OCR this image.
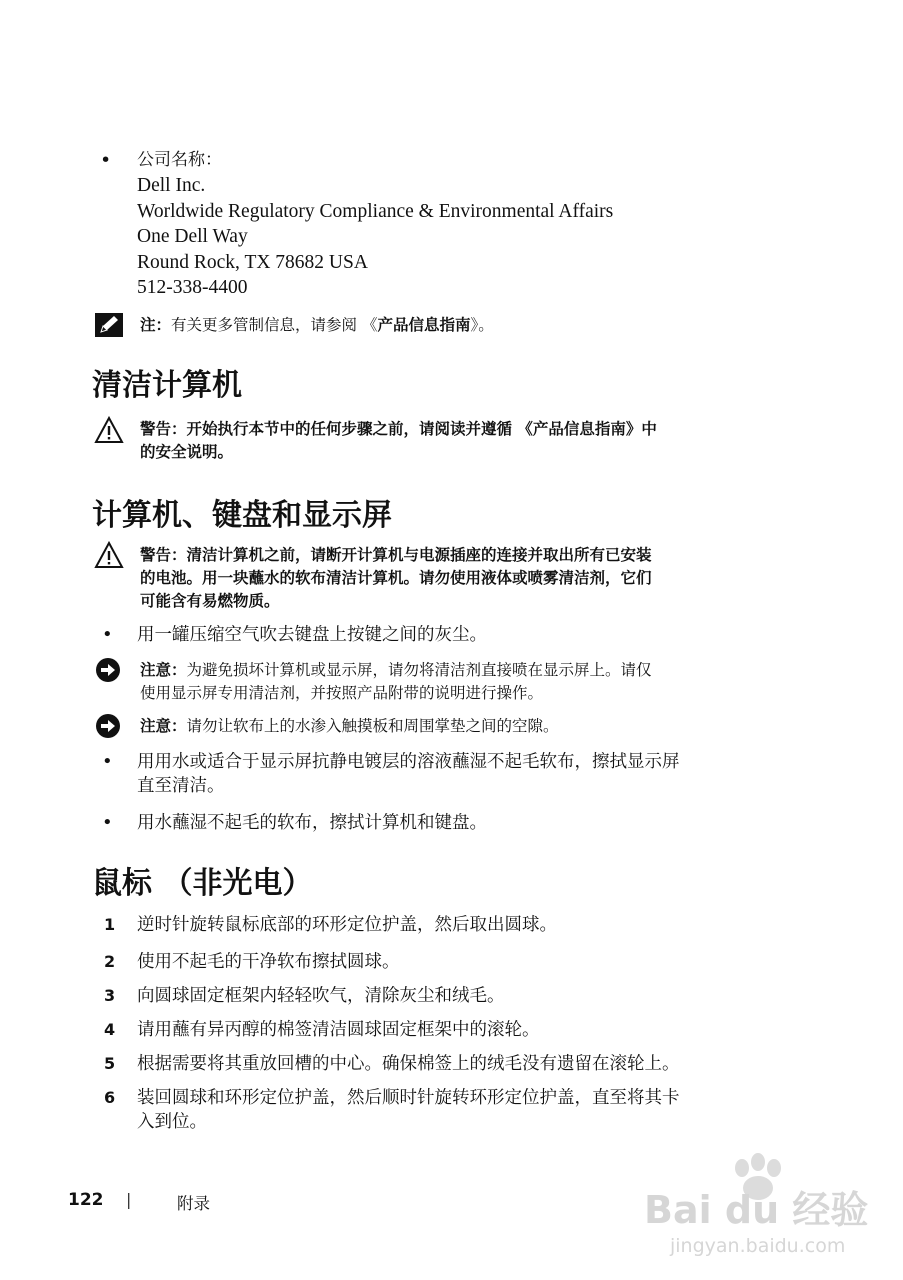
• 公司名称：
Dell Inc.
Worldwide Regulatory Compliance & Environmental Affairs
One Dell Way
Round Rock, TX 78682 USA
512-338-4400
注：有关更多管制信息，请参阅 《产品信息指南》。
清洁计算机
警告：开始执行本节中的任何步骤之前，请阅读并遵循 《产品信息指南》中
的安全说明。
计算机、键盘和显示屏
警告：清洁计算机之前，请断开计算机与电源插座的连接并取出所有已安装
的电池。用一块蘸水的软布清洁计算机。请勿使用液体或喷雾清洁剂，它们
可能含有易燃物质。
• 用一罐压缩空气吹去键盘上按键之间的灰尘。
注意：为避免损坏计算机或显示屏，请勿将清洁剂直接喷在显示屏上。请仅
使用显示屏专用清洁剂，并按照产品附带的说明进行操作。
注意：请勿让软布上的水渗入触摸板和周围掌垫之间的空隙。
• 用用水或适合于显示屏抗静电镀层的溶液蘸湿不起毛软布，擦拭显示屏
直至清洁。
• 用水蘸湿不起毛的软布，擦拭计算机和键盘。
鼠标 （非光电）
1 逆时针旋转鼠标底部的环形定位护盖，然后取出圆球。
2 使用不起毛的干净软布擦拭圆球。
3 向圆球固定框架内轻轻吹气，清除灰尘和绒毛。
4 请用蘸有异丙醇的棉签清洁圆球固定框架中的滚轮。
5 根据需要将其重放回槽的中心。确保棉签上的绒毛没有遗留在滚轮上。
6 装回圆球和环形定位护盖，然后顺时针旋转环形定位护盖，直至将其卡
入到位。
122 |	附录	Bai du 经验
jingyan.baidu.com
